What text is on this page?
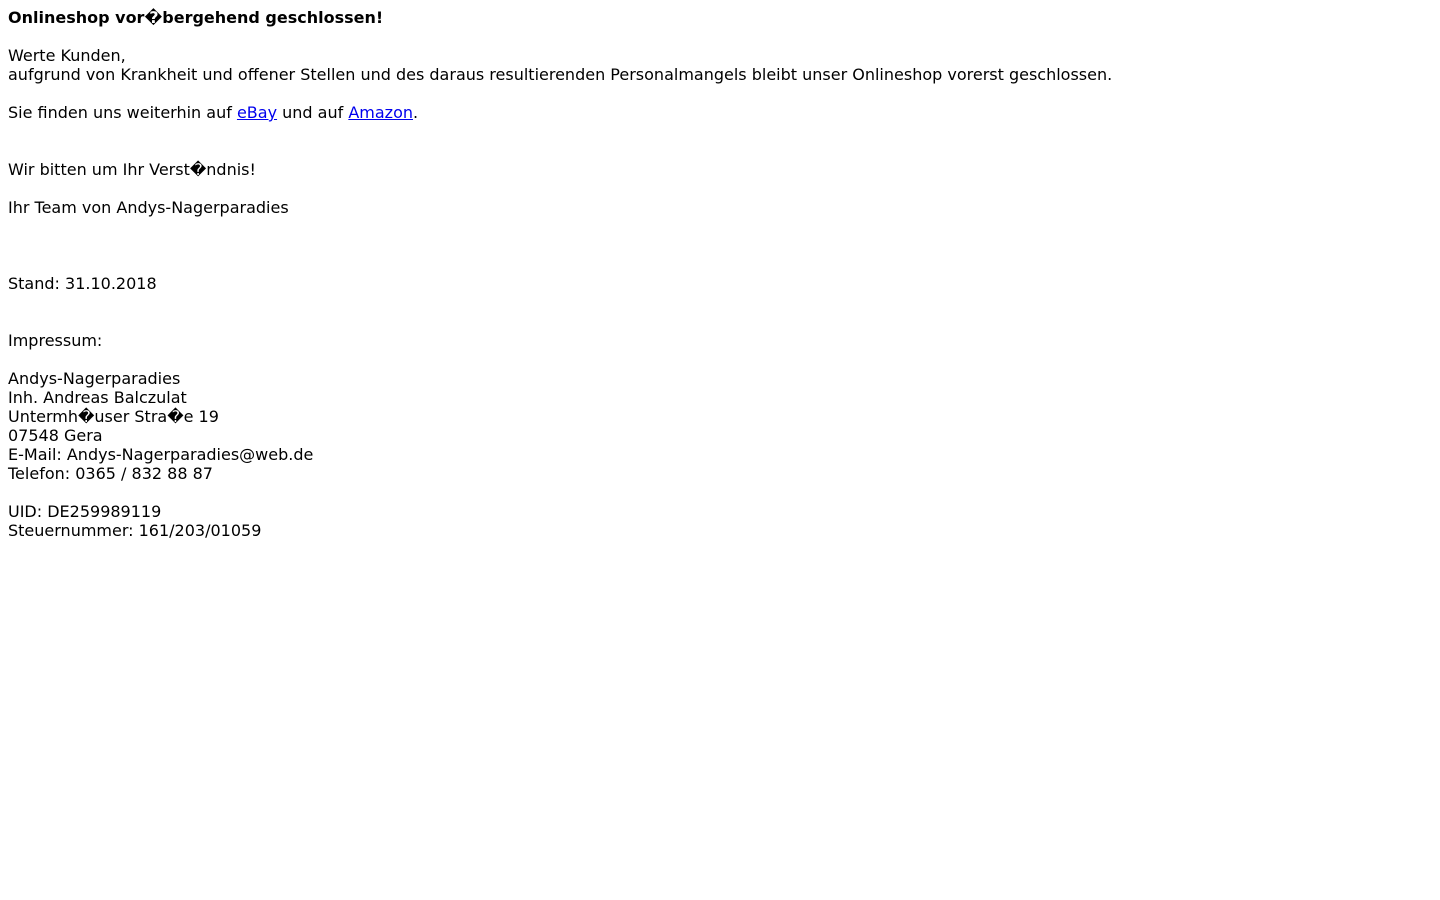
Onlineshop vor�bergehend geschlossen!
Werte Kunden,
aufgrund von Krankheit und offener Stellen und des daraus resultierenden Personalmangels bleibt unser Onlineshop vorerst geschlossen.
Sie finden uns weiterhin auf eBay und auf Amazon.
Wir bitten um Ihr Verst�ndnis!
Ihr Team von Andys-Nagerparadies
Stand: 31.10.2018
Impressum:
Andys-Nagerparadies
Inh. Andreas Balczulat
Untermh�user Stra�e 19
07548 Gera
E-Mail: Andys-Nagerparadies@web.de
Telefon: 0365 / 832 88 87
UID: DE259989119
Steuernummer: 161/203/01059
